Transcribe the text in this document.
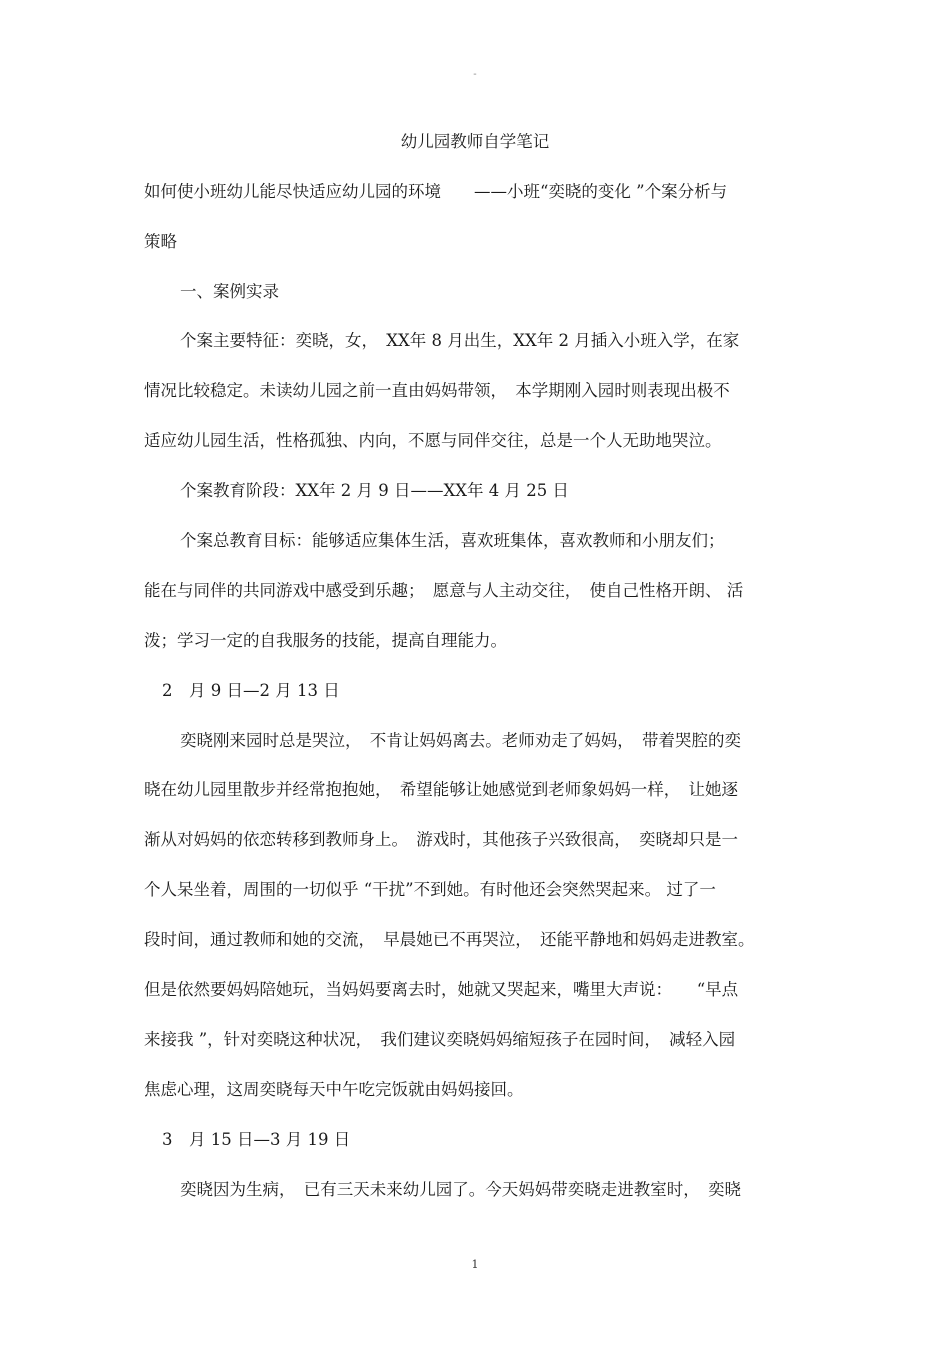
-
幼儿园教师自学笔记
如何使小班幼儿能尽快适应幼儿园的环境　　——小班“奕晓的变化 ”个案分析与
策略
一、案例实录
个案主要特征：奕晓，女，　XX年 8 月出生，XX年 2 月插入小班入学，在家
情况比较稳定。未读幼儿园之前一直由妈妈带领，　本学期刚入园时则表现出极不
适应幼儿园生活，性格孤独、内向，不愿与同伴交往，总是一个人无助地哭泣。
个案教育阶段：XX年 2 月 9 日——XX年 4 月 25 日
个案总教育目标：能够适应集体生活，喜欢班集体，喜欢教师和小朋友们；
能在与同伴的共同游戏中感受到乐趣；　愿意与人主动交往，　使自己性格开朗、 活
泼；学习一定的自我服务的技能，提高自理能力。
2　月 9 日—2 月 13 日
奕晓刚来园时总是哭泣，　不肯让妈妈离去。老师劝走了妈妈，　带着哭腔的奕
晓在幼儿园里散步并经常抱抱她，　希望能够让她感觉到老师象妈妈一样，　让她逐
渐从对妈妈的依恋转移到教师身上。　游戏时，其他孩子兴致很高，　奕晓却只是一
个人呆坐着，周围的一切似乎 “干扰”不到她。有时他还会突然哭起来。 过了一
段时间，通过教师和她的交流，　早晨她已不再哭泣，　还能平静地和妈妈走进教室。
但是依然要妈妈陪她玩，当妈妈要离去时，她就又哭起来，嘴里大声说：　　“早点
来接我 ”，针对奕晓这种状况，　我们建议奕晓妈妈缩短孩子在园时间，　减轻入园
焦虑心理，这周奕晓每天中午吃完饭就由妈妈接回。
3　月 15 日—3 月 19 日
奕晓因为生病，　已有三天未来幼儿园了。今天妈妈带奕晓走进教室时，　奕晓
1
